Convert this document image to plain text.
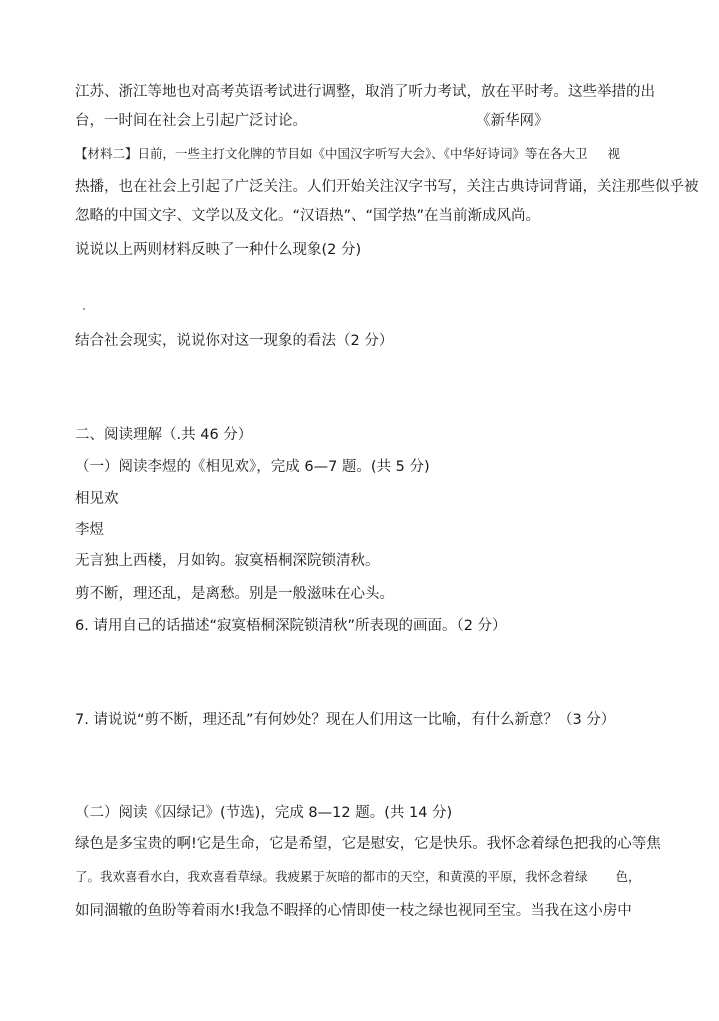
江苏、浙江等地也对高考英语考试进行调整，取消了听力考试，放在平时考。这些举措的出

台，一时间在社会上引起广泛讨论。	《新华网》

【材料二】日前，一些主打文化牌的节目如《中国汉字听写大会》、《中华好诗词》等在各大卫 视

热播，也在社会上引起了广泛关注。人们开始关注汉字书写，关注古典诗词背诵，关注那些似乎被

忽略的中国文字、文学以及文化。“汉语热”、“国学热”在当前渐成风尚。

说说以上两则材料反映了一种什么现象(2 分)

结合社会现实，说说你对这一现象的看法（2 分）

二、阅读理解（.共 46 分）

（一）阅读李煜的《相见欢》，完成 6—7 题。(共 5 分)

相见欢

李煜

无言独上西楼，月如钩。寂寞梧桐深院锁清秋。

剪不断，理还乱，是离愁。别是一般滋味在心头。

6. 请用自己的话描述“寂寞梧桐深院锁清秋”所表现的画面。（2 分）

7. 请说说“剪不断，理还乱”有何妙处？现在人们用这一比喻，有什么新意？（3 分）

（二）阅读《囚绿记》(节选)，完成 8—12 题。(共 14 分)

绿色是多宝贵的啊!它是生命，它是希望，它是慰安，它是快乐。我怀念着绿色把我的心等焦

了。我欢喜看水白，我欢喜看草绿。我疲累于灰暗的都市的天空，和黄漠的平原，我怀念着绿 色，

如同涸辙的鱼盼等着雨水!我急不暇择的心情即使一枝之绿也视同至宝。当我在这小房中
